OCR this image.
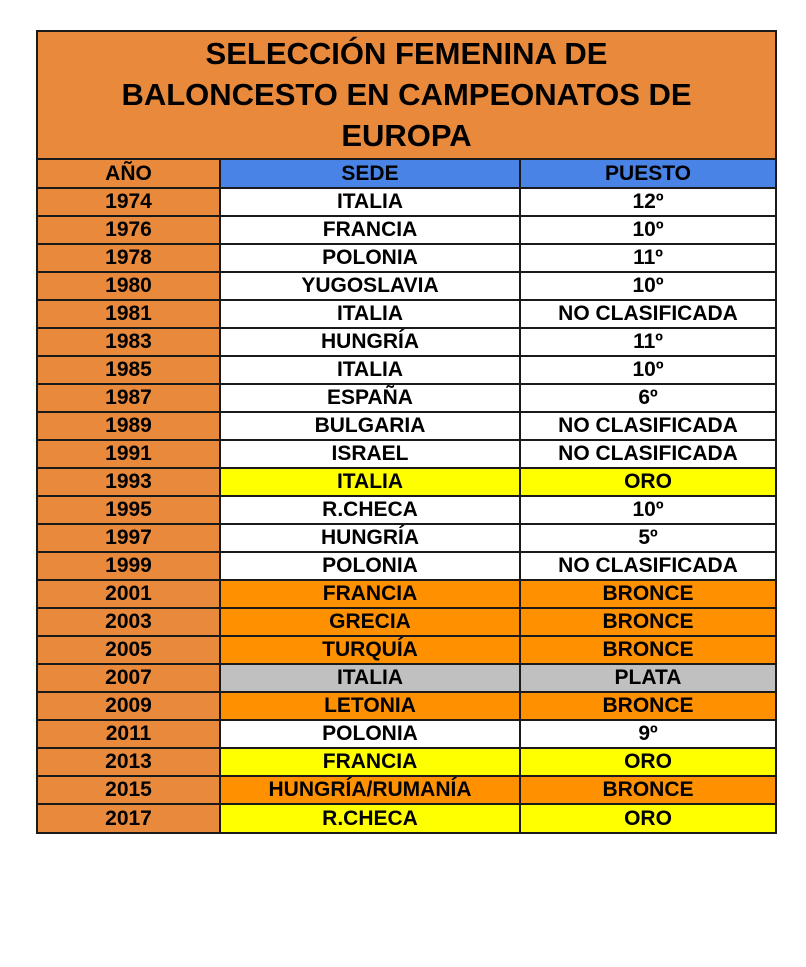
SELECCIÓN FEMENINA DE
BALONCESTO EN CAMPEONATOS DE
EUROPA
AÑO	SEDE	PUESTO
1974	ITALIA	12º
1976	FRANCIA	10º
1978	POLONIA	11º
1980	YUGOSLAVIA	10º
1981	ITALIA	NO CLASIFICADA
1983	HUNGRÍA	11º
1985	ITALIA	10º
1987	ESPAÑA	6º
1989	BULGARIA	NO CLASIFICADA
1991	ISRAEL	NO CLASIFICADA
1993	ITALIA	ORO
1995	R.CHECA	10º
1997	HUNGRÍA	5º
1999	POLONIA	NO CLASIFICADA
2001	FRANCIA	BRONCE
2003	GRECIA	BRONCE
2005	TURQUÍA	BRONCE
2007	ITALIA	PLATA
2009	LETONIA	BRONCE
2011	POLONIA	9º
2013	FRANCIA	ORO
2015	HUNGRÍA/RUMANÍA	BRONCE
2017	R.CHECA	ORO
